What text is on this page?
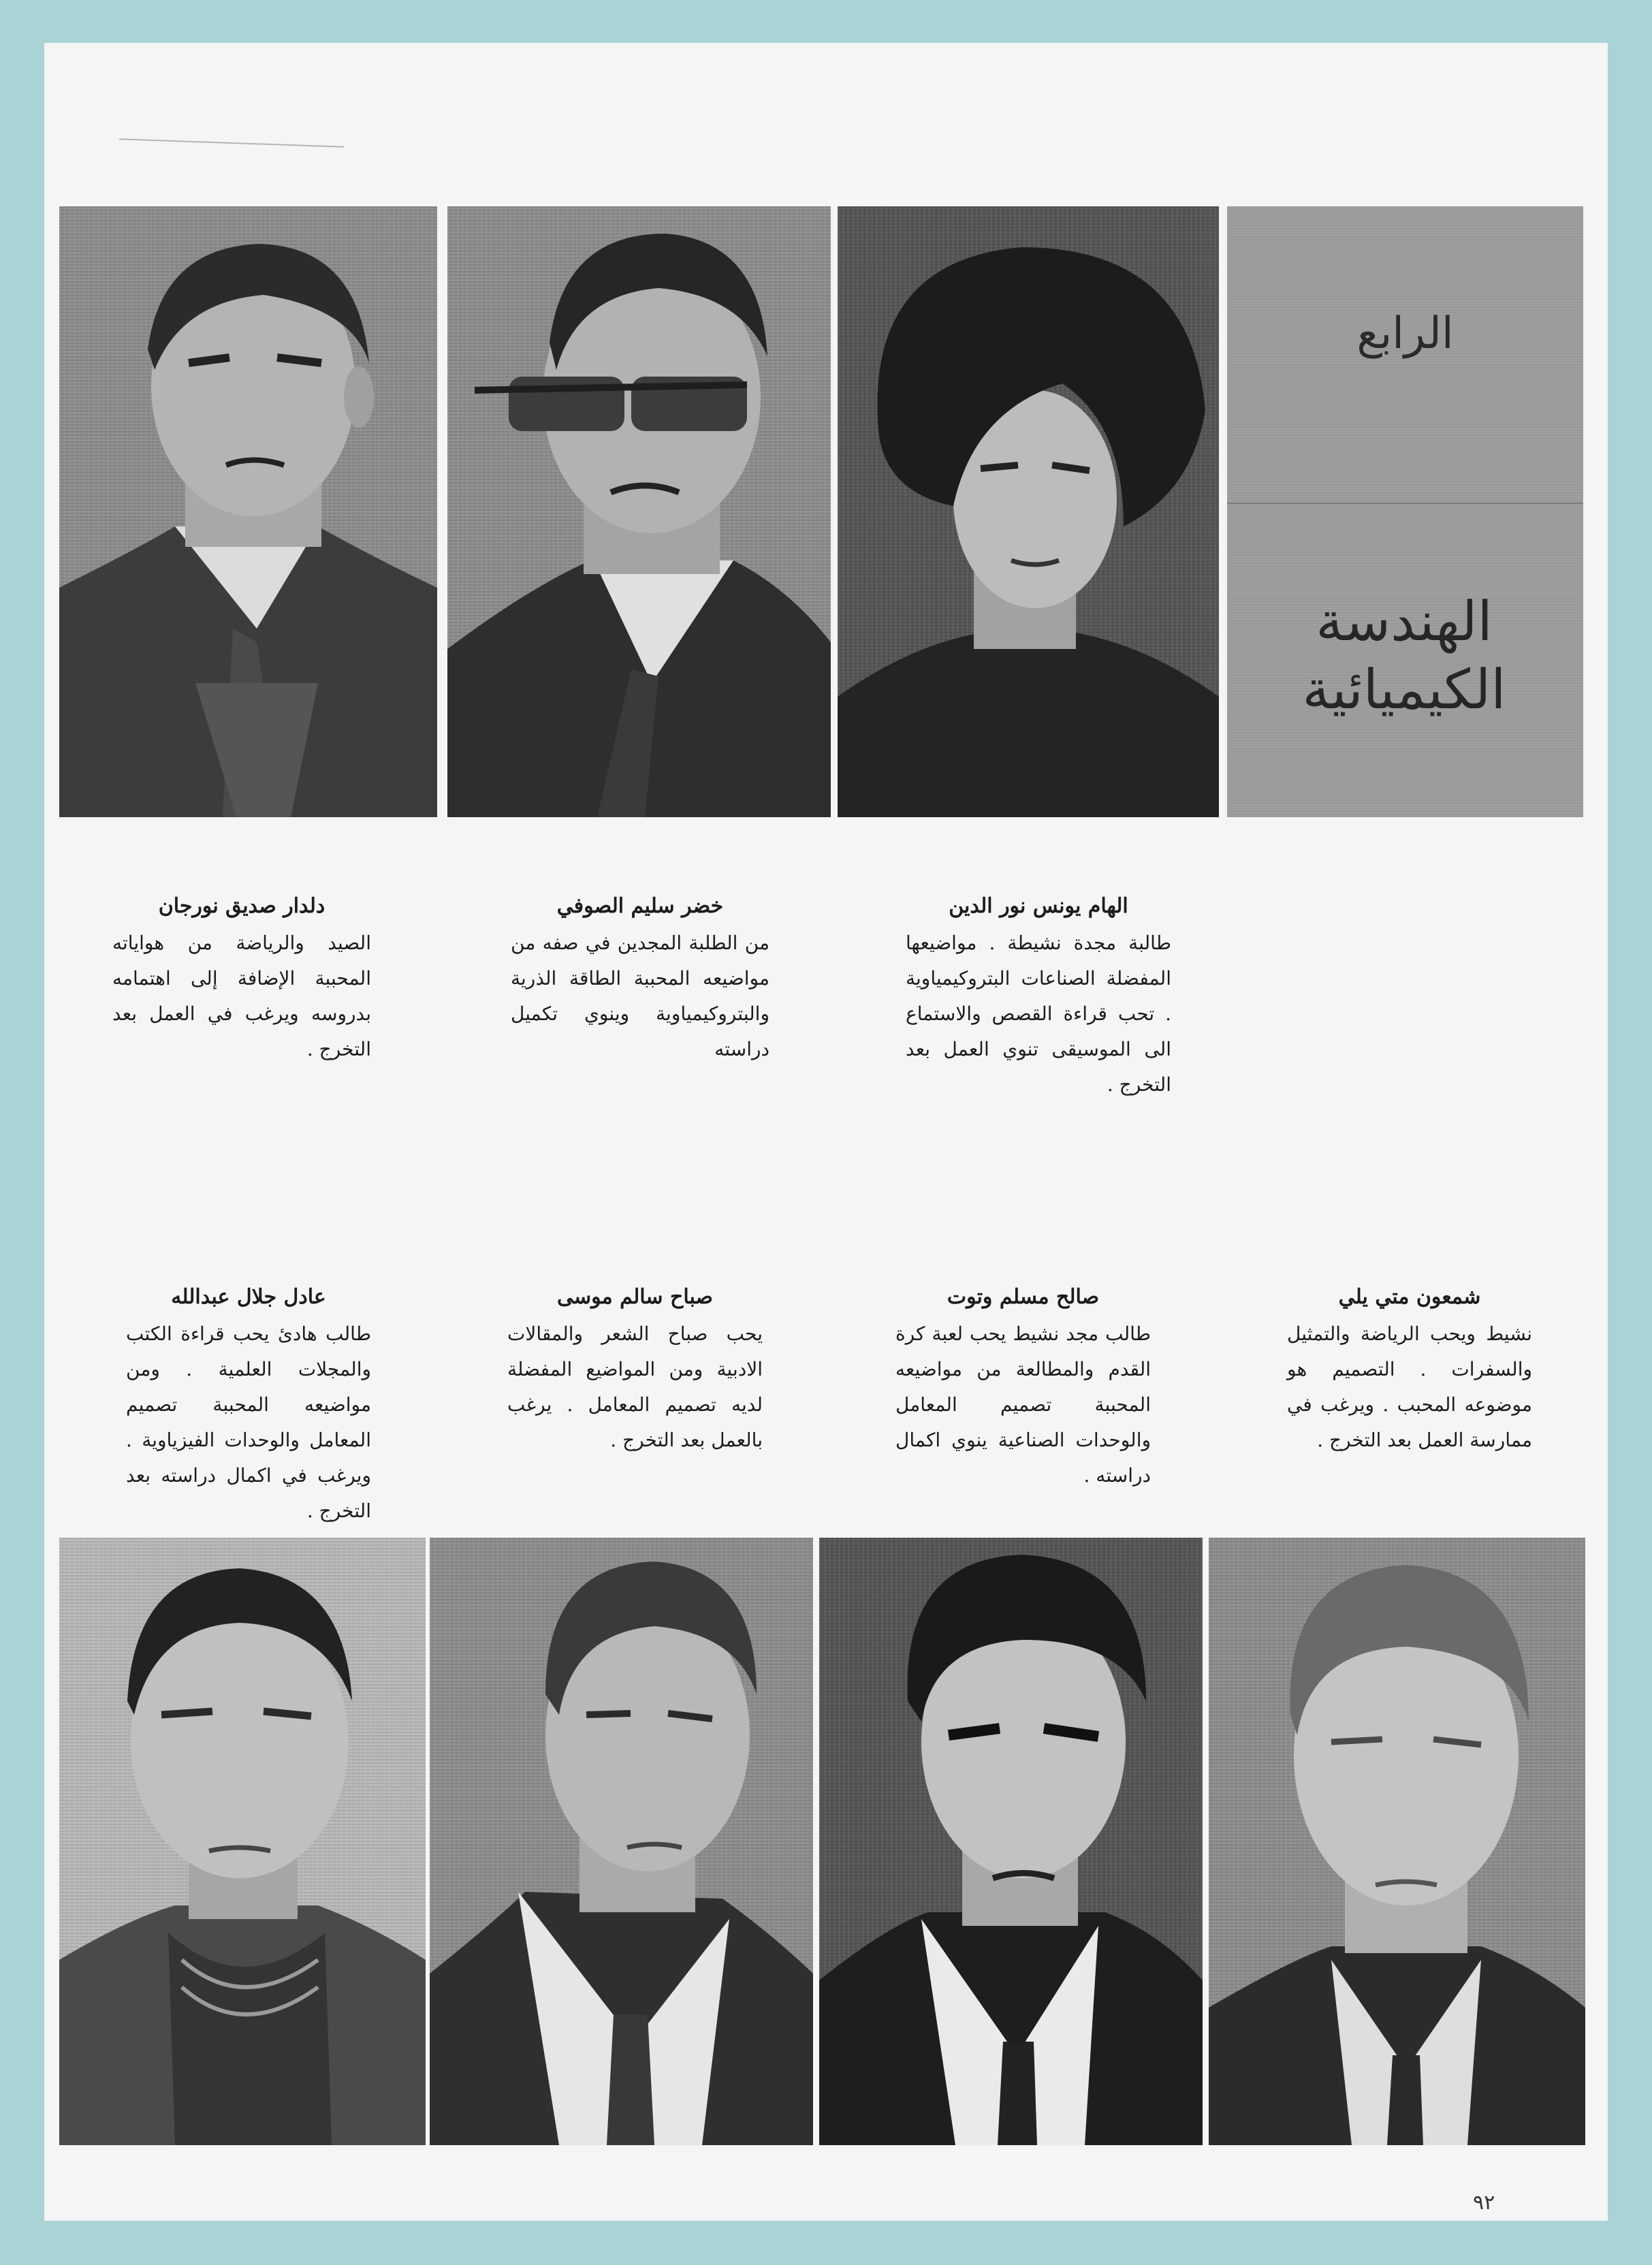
الرابع
الهندسة
الكيميائية
دلدار صديق نورجان
الصيد والرياضة من هواياته المحببة الإضافة إلى اهتمامه بدروسه ويرغب في العمل بعد التخرج .
خضر سليم الصوفي
من الطلبة المجدين في صفه من مواضيعه المحببة الطاقة الذرية والبتروكيمياوية وينوي تكميل دراسته
الهام يونس نور الدين
طالبة مجدة نشيطة . مواضيعها المفضلة الصناعات البتروكيمياوية . تحب قراءة القصص والاستماع الى الموسيقى تنوي العمل بعد التخرج .
عادل جلال عبدالله
طالب هادئ يحب قراءة الكتب والمجلات العلمية . ومن مواضيعه المحببة تصميم المعامل والوحدات الفيزياوية . ويرغب في اكمال دراسته بعد التخرج .
صباح سالم موسى
يحب صباح الشعر والمقالات الادبية ومن المواضيع المفضلة لديه تصميم المعامل . يرغب بالعمل بعد التخرج .
صالح مسلم وتوت
طالب مجد نشيط يحب لعبة كرة القدم والمطالعة من مواضيعه المحببة تصميم المعامل والوحدات الصناعية ينوي اكمال دراسته .
شمعون متي يلي
نشيط ويحب الرياضة والتمثيل والسفرات . التصميم هو موضوعه المحبب . ويرغب في ممارسة العمل بعد التخرج .
٩٢
